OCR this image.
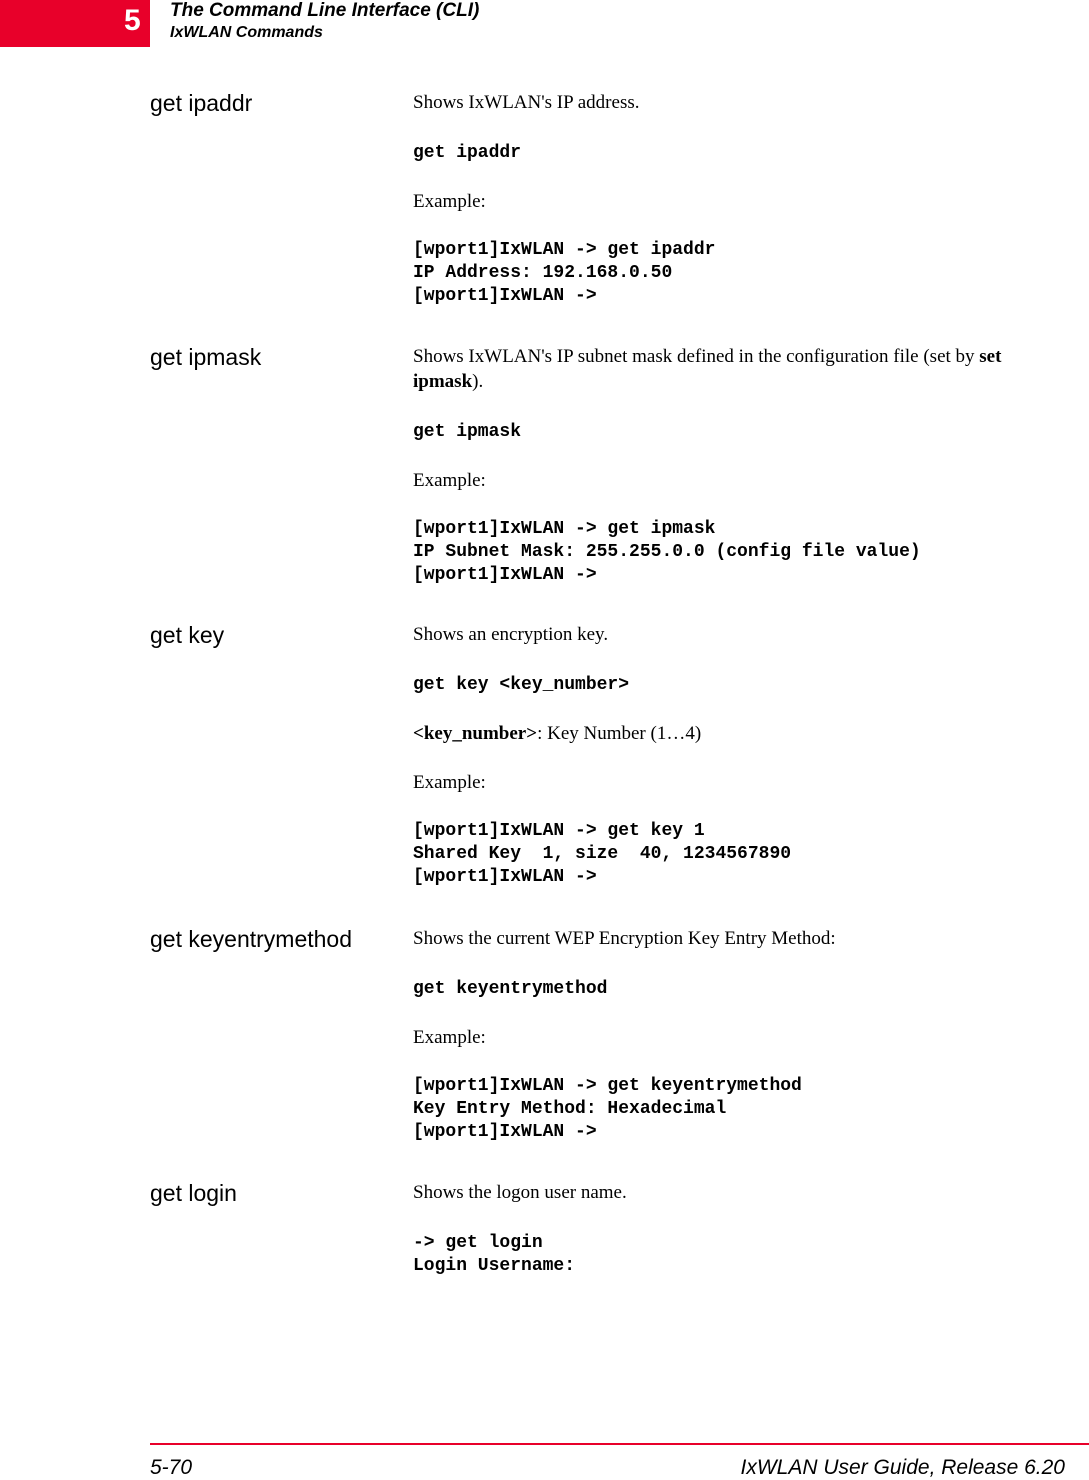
5 The Command Line Interface (CLI)
IxWLAN Commands
get ipaddr	Shows IxWLAN's IP address.

get ipaddr

Example:

[wport1]IxWLAN -> get ipaddr
IP Address: 192.168.0.50
[wport1]IxWLAN ->

get ipmask	Shows IxWLAN's IP subnet mask defined in the configuration file (set by set ipmask).

get ipmask

Example:

[wport1]IxWLAN -> get ipmask
IP Subnet Mask: 255.255.0.0 (config file value)
[wport1]IxWLAN ->

get key	Shows an encryption key.

get key <key_number>

<key_number>: Key Number (1…4)

Example:

[wport1]IxWLAN -> get key 1
Shared Key  1, size  40, 1234567890
[wport1]IxWLAN ->

get keyentrymethod	Shows the current WEP Encryption Key Entry Method:

get keyentrymethod

Example:

[wport1]IxWLAN -> get keyentrymethod
Key Entry Method: Hexadecimal
[wport1]IxWLAN ->

get login	Shows the logon user name.

-> get login
Login Username:

5-70	IxWLAN User Guide, Release 6.20
